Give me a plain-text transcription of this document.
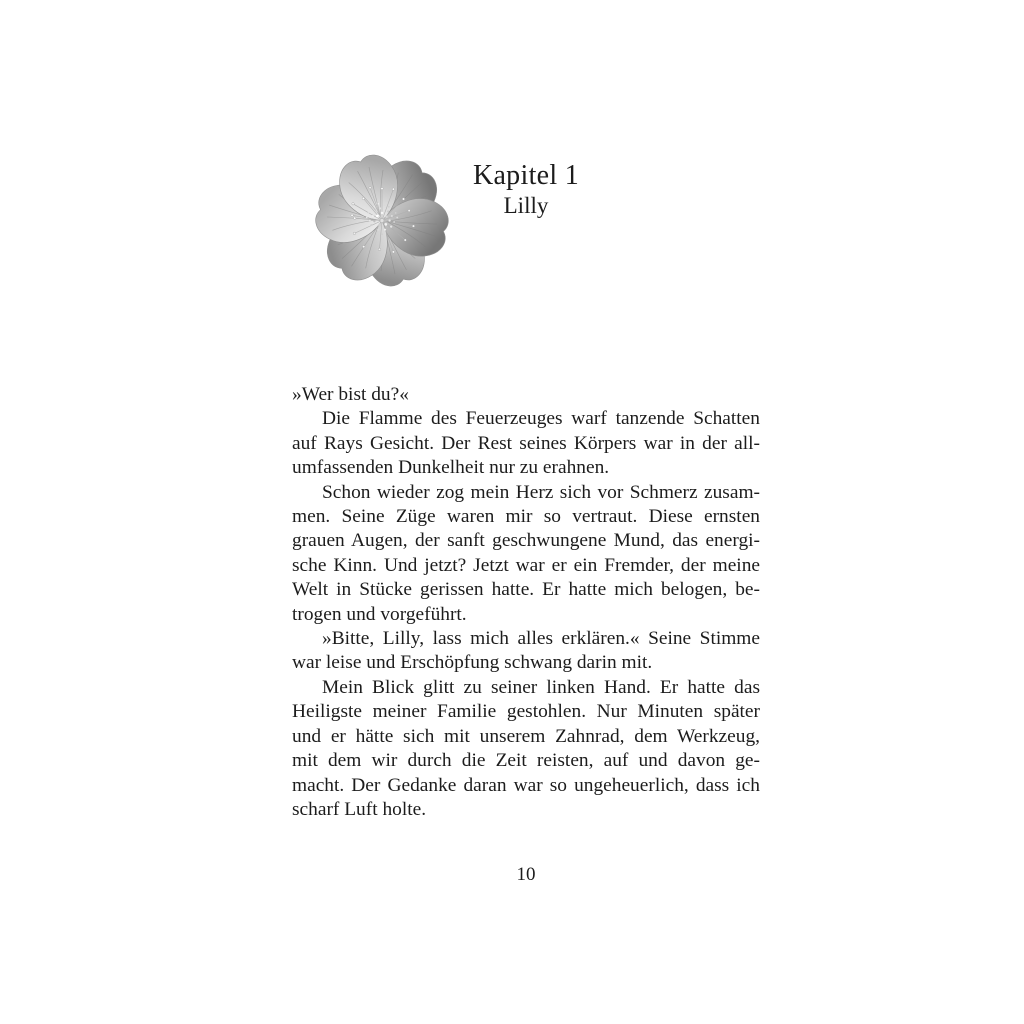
Kapitel 1
Lilly
»Wer bist du?«
Die Flamme des Feuerzeuges warf tanzende Schatten
auf Rays Gesicht. Der Rest seines Körpers war in der all-
umfassenden Dunkelheit nur zu erahnen.
Schon wieder zog mein Herz sich vor Schmerz zusam-
men. Seine Züge waren mir so vertraut. Diese ernsten
grauen Augen, der sanft geschwungene Mund, das energi-
sche Kinn. Und jetzt? Jetzt war er ein Fremder, der meine
Welt in Stücke gerissen hatte. Er hatte mich belogen, be-
trogen und vorgeführt.
»Bitte, Lilly, lass mich alles erklären.« Seine Stimme
war leise und Erschöpfung schwang darin mit.
Mein Blick glitt zu seiner linken Hand. Er hatte das
Heiligste meiner Familie gestohlen. Nur Minuten später
und er hätte sich mit unserem Zahnrad, dem Werkzeug,
mit dem wir durch die Zeit reisten, auf und davon ge-
macht. Der Gedanke daran war so ungeheuerlich, dass ich
scharf Luft holte.
10
